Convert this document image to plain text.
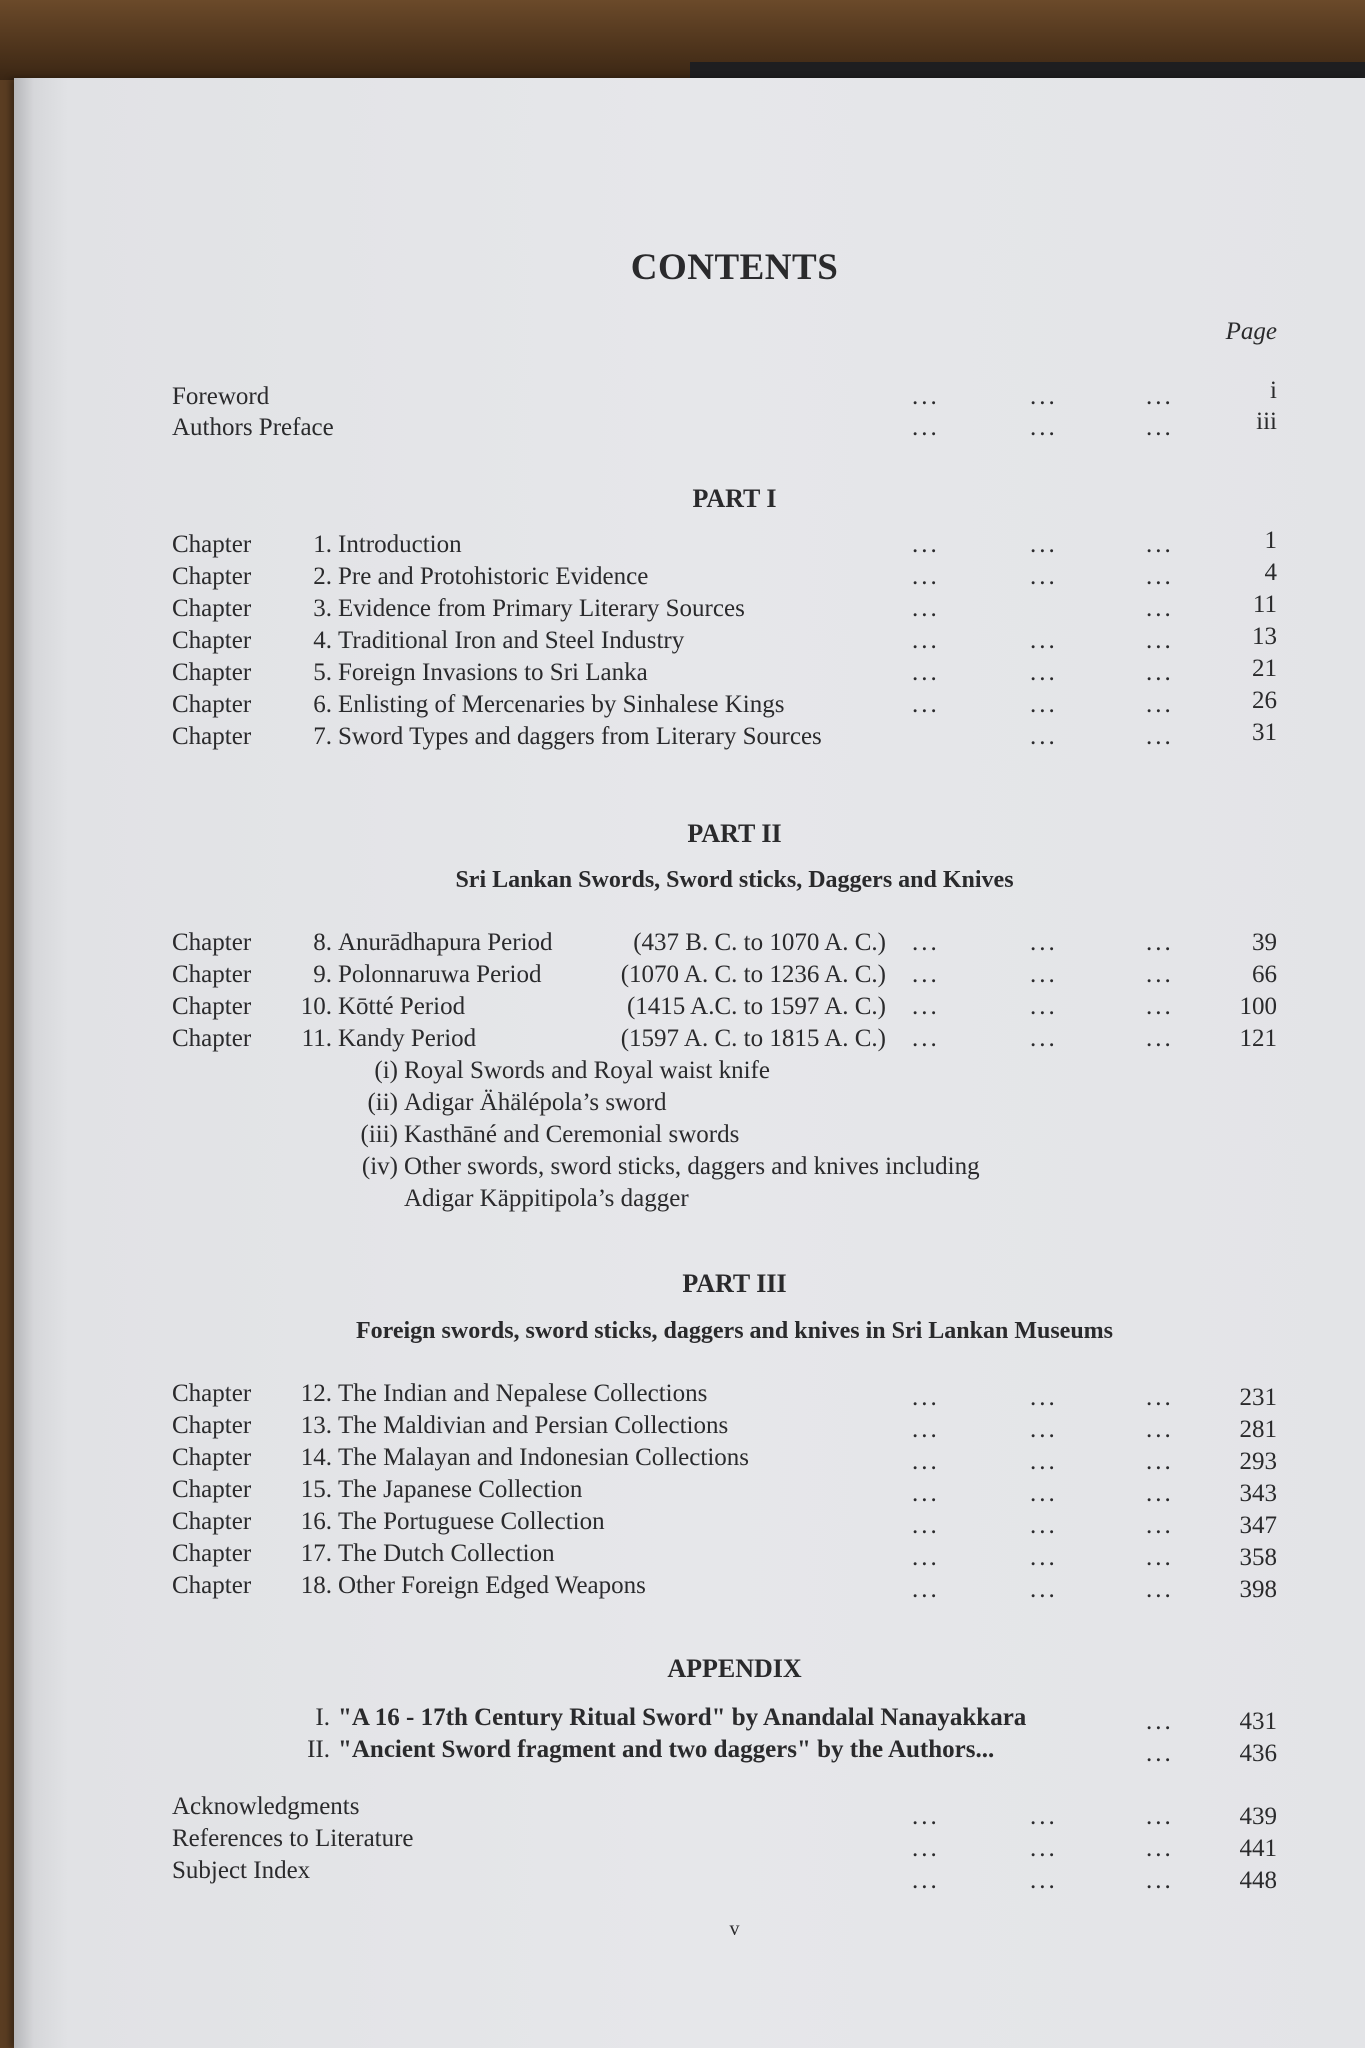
CONTENTS
Page
Foreword	...	...	...	i
Authors Preface	...	...	...	iii
PART I
Chapter	1. Introduction	...	...	...	1
Chapter	2. Pre and Protohistoric Evidence	...	...	...	4
Chapter	3. Evidence from Primary Literary Sources	...	...	11
Chapter	4. Traditional Iron and Steel Industry	...	...	...	13
Chapter	5. Foreign Invasions to Sri Lanka	...	...	...	21
Chapter	6. Enlisting of Mercenaries by Sinhalese Kings	...	...	...	26
Chapter	7. Sword Types and daggers from Literary Sources	...	...	31
PART II
Sri Lankan Swords, Sword sticks, Daggers and Knives
Chapter	8. Anurādhapura Period	(437 B. C. to 1070 A. C.) ...	...	...	39
Chapter	9. Polonnaruwa Period	(1070 A. C. to 1236 A. C.) ...	...	...	66
Chapter 10. Kōtté Period	(1415 A.C. to 1597 A. C.) ...	...	...	100
Chapter 11. Kandy Period	(1597 A. C. to 1815 A. C.) ...	...	...	121
(i) Royal Swords and Royal waist knife
(ii) Adigar Ähälépola’s sword
(iii) Kasthāné and Ceremonial swords
(iv) Other swords, sword sticks, daggers and knives including
Adigar Käppitipola’s dagger
PART III
Foreign swords, sword sticks, daggers and knives in Sri Lankan Museums
Chapter 12. The Indian and Nepalese Collections	...	...	...	231
Chapter 13. The Maldivian and Persian Collections	...	...	...	281
Chapter 14. The Malayan and Indonesian Collections	...	...	...	293
Chapter 15. The Japanese Collection	...	...	...	343
Chapter 16. The Portuguese Collection	...	...	...	347
Chapter 17. The Dutch Collection	...	...	...	358
Chapter 18. Other Foreign Edged Weapons	...	...	...	398
APPENDIX
I. "A 16 - 17th Century Ritual Sword" by Anandalal Nanayakkara	...	431
II. "Ancient Sword fragment and two daggers" by the Authors...	...	436
Acknowledgments	...	...	...	439
References to Literature	...	...	...	441
Subject Index	...	...	...	448
v
